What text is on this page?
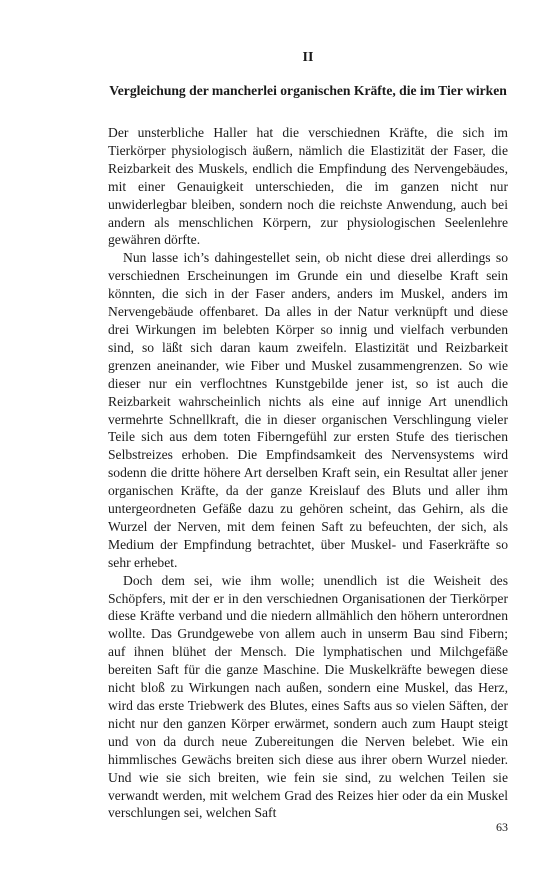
II
Vergleichung der mancherlei organischen Kräfte, die im Tier wirken

Der unsterbliche Haller hat die verschiednen Kräfte, die sich im Tierkörper physiologisch äußern, nämlich die Elastizität der Faser, die Reizbarkeit des Muskels, endlich die Empfindung des Nervengebäudes, mit einer Genauigkeit unterschieden, die im ganzen nicht nur unwiderlegbar bleiben, sondern noch die reichste Anwendung, auch bei andern als menschlichen Körpern, zur physiologischen Seelenlehre gewähren dörfte.

Nun lasse ich’s dahingestellet sein, ob nicht diese drei allerdings so verschiednen Erscheinungen im Grunde ein und dieselbe Kraft sein könnten, die sich in der Faser anders, anders im Muskel, anders im Nervengebäude offenbaret. Da alles in der Natur verknüpft und diese drei Wirkungen im belebten Körper so innig und vielfach verbunden sind, so läßt sich daran kaum zweifeln. Elastizität und Reizbarkeit grenzen aneinander, wie Fiber und Muskel zusammengrenzen. So wie dieser nur ein verflochtnes Kunstgebilde jener ist, so ist auch die Reizbarkeit wahrscheinlich nichts als eine auf innige Art unendlich vermehrte Schnellkraft, die in dieser organischen Verschlingung vieler Teile sich aus dem toten Fiberngefühl zur ersten Stufe des tierischen Selbstreizes erhoben. Die Empfindsamkeit des Nervensystems wird sodenn die dritte höhere Art derselben Kraft sein, ein Resultat aller jener organischen Kräfte, da der ganze Kreislauf des Bluts und aller ihm untergeordneten Gefäße dazu zu gehören scheint, das Gehirn, als die Wurzel der Nerven, mit dem feinen Saft zu befeuchten, der sich, als Medium der Empfindung betrachtet, über Muskel- und Faserkräfte so sehr erhebet.

Doch dem sei, wie ihm wolle; unendlich ist die Weisheit des Schöpfers, mit der er in den verschiednen Organisationen der Tierkörper diese Kräfte verband und die niedern allmählich den höhern unterordnen wollte. Das Grundgewebe von allem auch in unserm Bau sind Fibern; auf ihnen blühet der Mensch. Die lymphatischen und Milchgefäße bereiten Saft für die ganze Maschine. Die Muskelkräfte bewegen diese nicht bloß zu Wirkungen nach außen, sondern eine Muskel, das Herz, wird das erste Triebwerk des Blutes, eines Safts aus so vielen Säften, der nicht nur den ganzen Körper erwärmet, sondern auch zum Haupt steigt und von da durch neue Zubereitungen die Nerven belebet. Wie ein himmlisches Gewächs breiten sich diese aus ihrer obern Wurzel nieder. Und wie sie sich breiten, wie fein sie sind, zu welchen Teilen sie verwandt werden, mit welchem Grad des Reizes hier oder da ein Muskel verschlungen sei, welchen Saft

63
